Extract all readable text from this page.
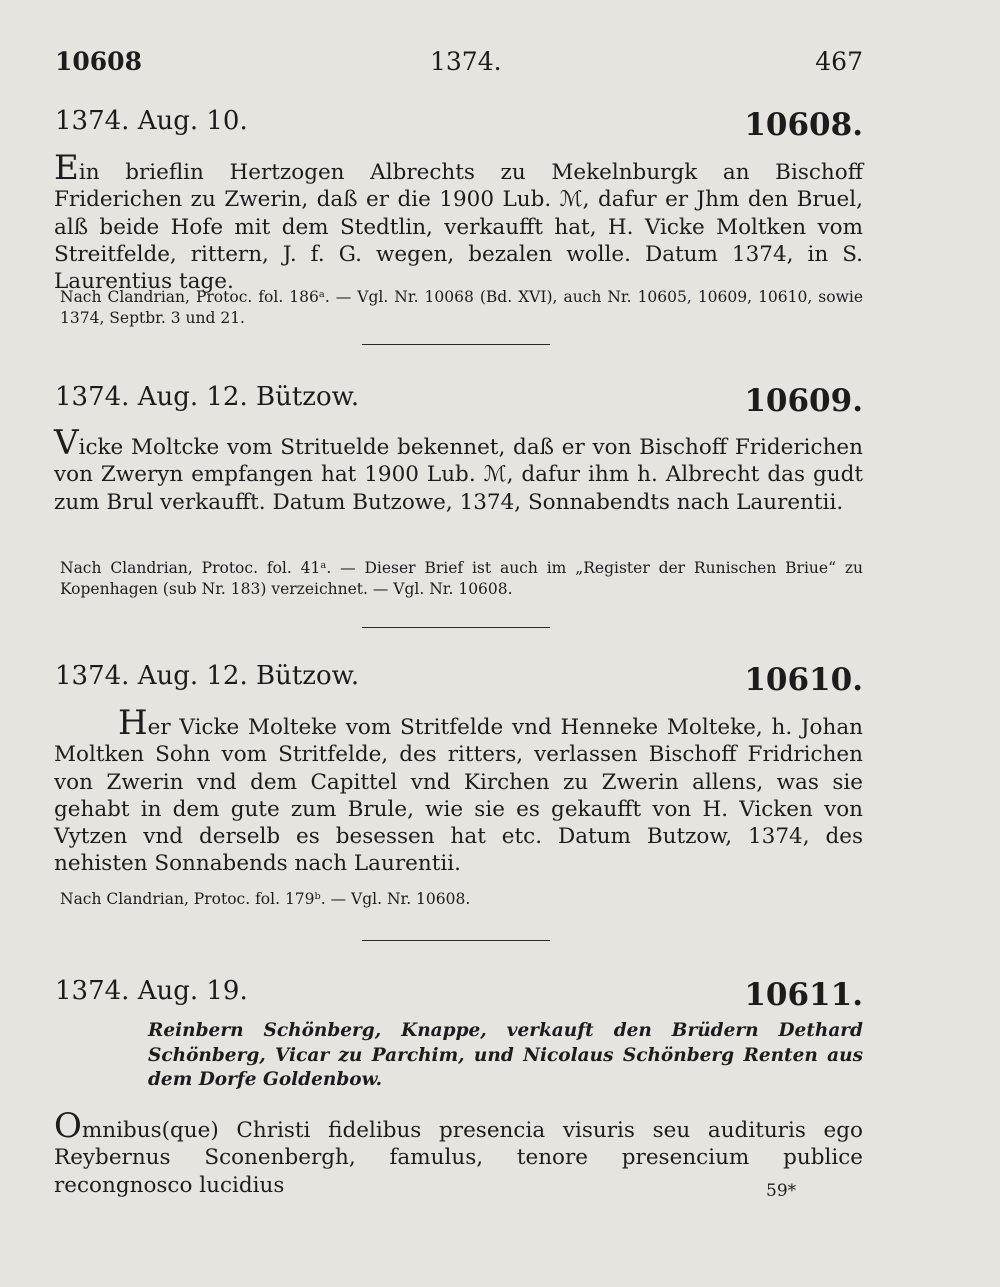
10608	1374.	467
1374. Aug. 10.	10608.
Ein brieflin Hertzogen Albrechts zu Mekelnburgk an Bischoff Friderichen zu Zwerin, daß er die 1900 Lub. ℳ, dafur er Jhm den Bruel, alß beide Hofe mit dem Stedtlin, verkaufft hat, H. Vicke Moltken vom Streitfelde, rittern, J. f. G. wegen, bezalen wolle. Datum 1374, in S. Laurentius tage.
Nach Clandrian, Protoc. fol. 186ᵃ. — Vgl. Nr. 10068 (Bd. XVI), auch Nr. 10605, 10609, 10610, sowie 1374, Septbr. 3 und 21.
1374. Aug. 12. Bützow.	10609.
Vicke Moltcke vom Strituelde bekennet, daß er von Bischoff Friderichen von Zweryn empfangen hat 1900 Lub. ℳ, dafur ihm h. Albrecht das gudt zum Brul verkaufft. Datum Butzowe, 1374, Sonnabendts nach Laurentii.
Nach Clandrian, Protoc. fol. 41ᵃ. — Dieser Brief ist auch im „Register der Runischen Briue“ zu Kopenhagen (sub Nr. 183) verzeichnet. — Vgl. Nr. 10608.
1374. Aug. 12. Bützow.	10610.
Her Vicke Molteke vom Stritfelde vnd Henneke Molteke, h. Johan Moltken Sohn vom Stritfelde, des ritters, verlassen Bischoff Fridrichen von Zwerin vnd dem Capittel vnd Kirchen zu Zwerin allens, was sie gehabt in dem gute zum Brule, wie sie es gekaufft von H. Vicken von Vytzen vnd derselb es besessen hat etc. Datum Butzow, 1374, des nehisten Sonnabends nach Laurentii.
Nach Clandrian, Protoc. fol. 179ᵇ. — Vgl. Nr. 10608.
1374. Aug. 19.	10611.
Reinbern Schönberg, Knappe, verkauft den Brüdern Dethard Schönberg, Vicar zu Parchim, und Nicolaus Schönberg Renten aus dem Dorfe Goldenbow.
Omnibus(que) Christi fidelibus presencia visuris seu audituris ego Reybernus Sconenbergh, famulus, tenore presencium publice recongnosco lucidius	59*
